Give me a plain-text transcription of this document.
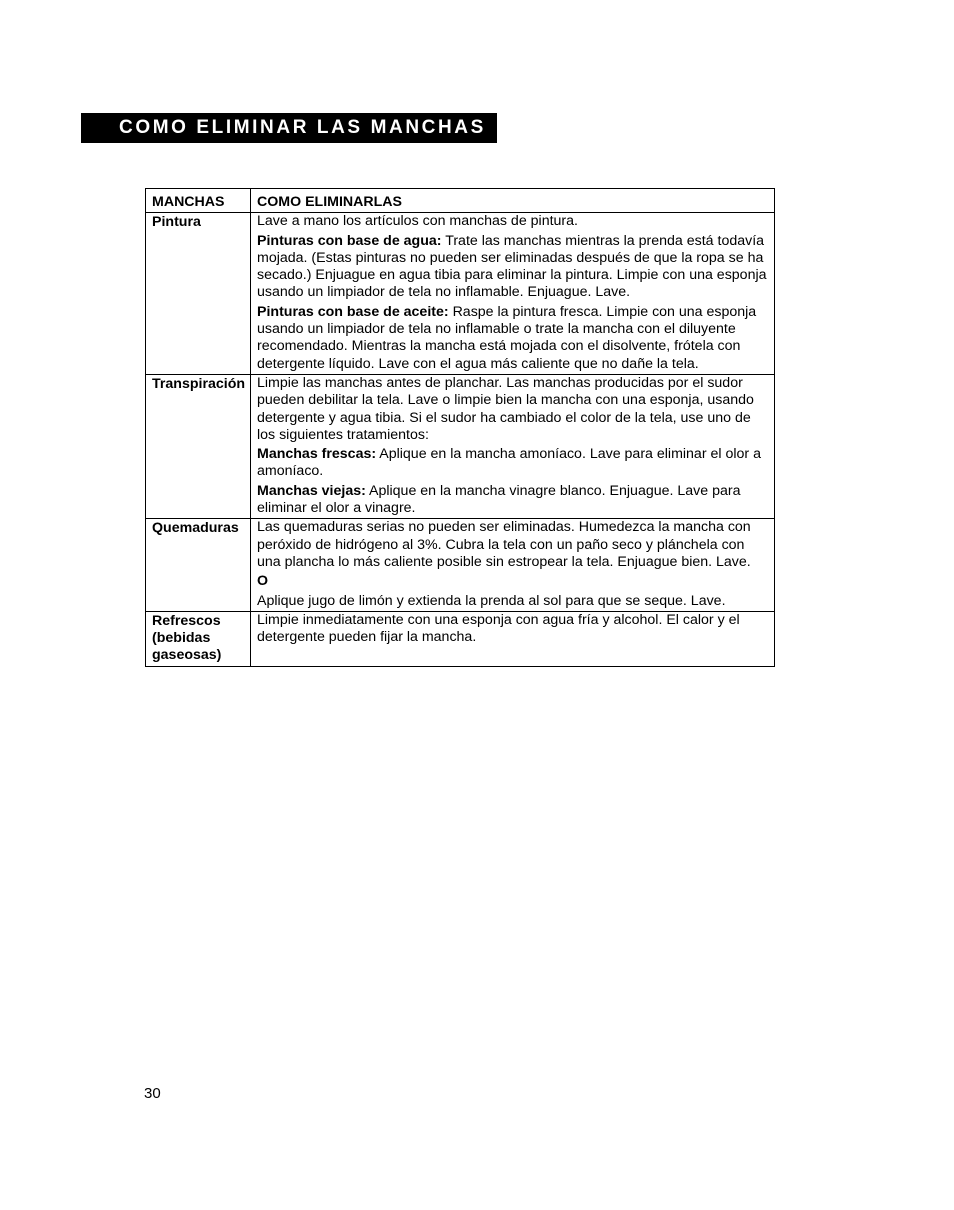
COMO ELIMINAR LAS MANCHAS
MANCHAS	COMO ELIMINARLAS
Pintura	Lave a mano los artículos con manchas de pintura.

Pinturas con base de agua: Trate las manchas mientras la prenda está todavía mojada. (Estas pinturas no pueden ser eliminadas después de que la ropa se ha secado.) Enjuague en agua tibia para eliminar la pintura. Limpie con una esponja usando un limpiador de tela no inflamable. Enjuague. Lave.

Pinturas con base de aceite: Raspe la pintura fresca. Limpie con una esponja usando un limpiador de tela no inflamable o trate la mancha con el diluyente recomendado. Mientras la mancha está mojada con el disolvente, frótela con detergente líquido. Lave con el agua más caliente que no dañe la tela.

Transpiración	Limpie las manchas antes de planchar. Las manchas producidas por el sudor pueden debilitar la tela. Lave o limpie bien la mancha con una esponja, usando detergente y agua tibia. Si el sudor ha cambiado el color de la tela, use uno de los siguientes tratamientos:

Manchas frescas: Aplique en la mancha amoníaco. Lave para eliminar el olor a amoníaco.

Manchas viejas: Aplique en la mancha vinagre blanco. Enjuague. Lave para eliminar el olor a vinagre.

Quemaduras	Las quemaduras serias no pueden ser eliminadas. Humedezca la mancha con peróxido de hidrógeno al 3%. Cubra la tela con un paño seco y plánchela con una plancha lo más caliente posible sin estropear la tela. Enjuague bien. Lave.

O

Aplique jugo de limón y extienda la prenda al sol para que se seque. Lave.

Refrescos (bebidas gaseosas)	Limpie inmediatamente con una esponja con agua fría y alcohol. El calor y el detergente pueden fijar la mancha.

30
